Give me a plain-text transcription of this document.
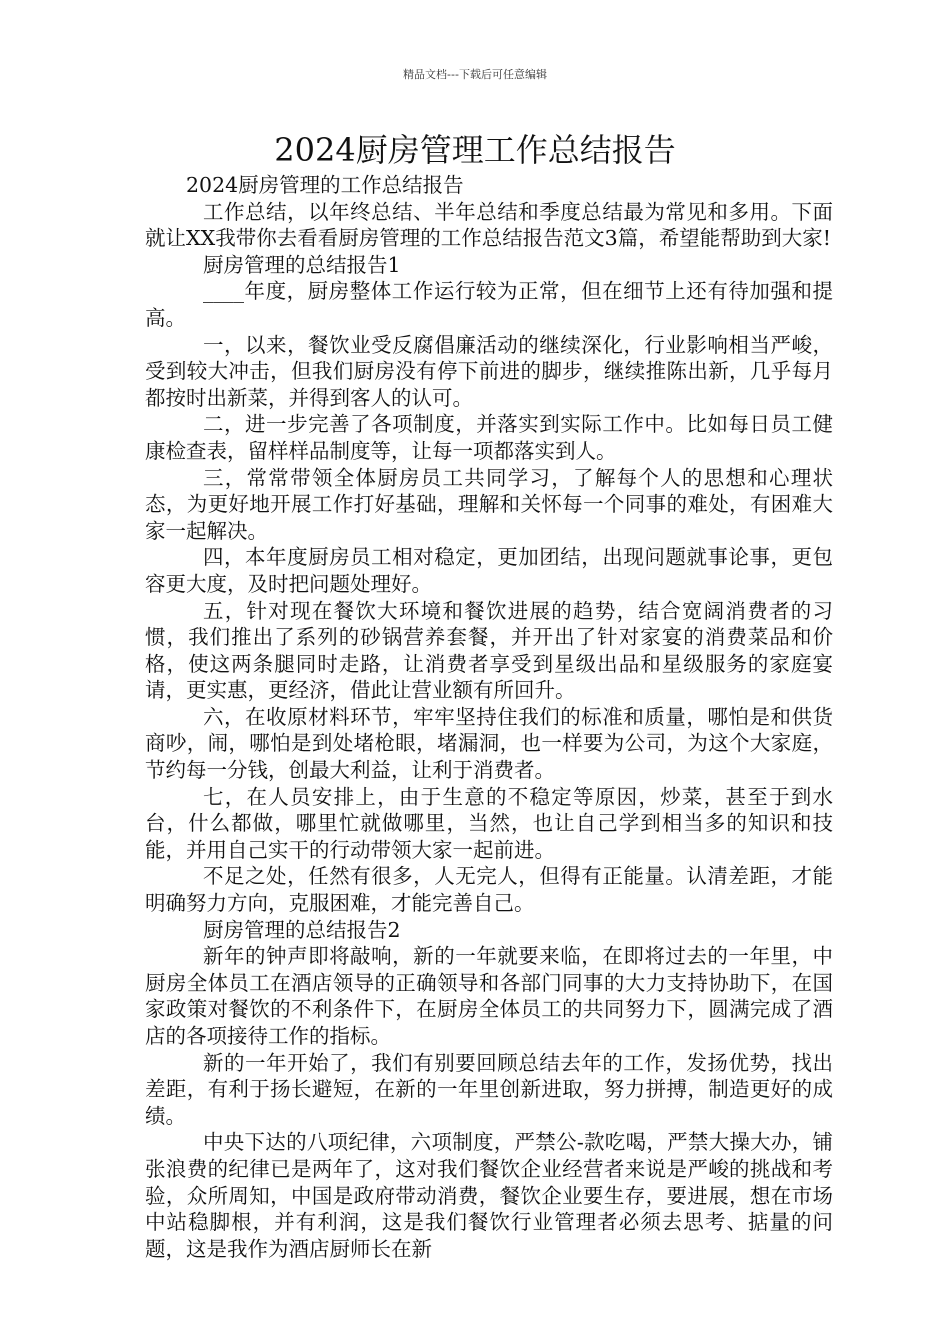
精品文档---下载后可任意编辑
2024厨房管理工作总结报告

2024厨房管理的工作总结报告

工作总结，以年终总结、半年总结和季度总结最为常见和多用。下面就让XX我带你去看看厨房管理的工作总结报告范文3篇，希望能帮助到大家!

厨房管理的总结报告1

____年度，厨房整体工作运行较为正常，但在细节上还有待加强和提高。

一，以来，餐饮业受反腐倡廉活动的继续深化，行业影响相当严峻，受到较大冲击，但我们厨房没有停下前进的脚步，继续推陈出新，几乎每月都按时出新菜，并得到客人的认可。

二，进一步完善了各项制度，并落实到实际工作中。比如每日员工健康检查表，留样样品制度等，让每一项都落实到人。

三，常常带领全体厨房员工共同学习，了解每个人的思想和心理状态，为更好地开展工作打好基础，理解和关怀每一个同事的难处，有困难大家一起解决。

四，本年度厨房员工相对稳定，更加团结，出现问题就事论事，更包容更大度，及时把问题处理好。

五，针对现在餐饮大环境和餐饮进展的趋势，结合宽阔消费者的习惯，我们推出了系列的砂锅营养套餐，并开出了针对家宴的消费菜品和价格，使这两条腿同时走路，让消费者享受到星级出品和星级服务的家庭宴请，更实惠，更经济，借此让营业额有所回升。

六，在收原材料环节，牢牢坚持住我们的标准和质量，哪怕是和供货商吵，闹，哪怕是到处堵枪眼，堵漏洞，也一样要为公司，为这个大家庭，节约每一分钱，创最大利益，让利于消费者。

七，在人员安排上，由于生意的不稳定等原因，炒菜，甚至于到水台，什么都做，哪里忙就做哪里，当然，也让自己学到相当多的知识和技能，并用自己实干的行动带领大家一起前进。

不足之处，任然有很多，人无完人，但得有正能量。认清差距，才能明确努力方向，克服困难，才能完善自己。

厨房管理的总结报告2

新年的钟声即将敲响，新的一年就要来临，在即将过去的一年里，中厨房全体员工在酒店领导的正确领导和各部门同事的大力支持协助下，在国家政策对餐饮的不利条件下，在厨房全体员工的共同努力下，圆满完成了酒店的各项接待工作的指标。

新的一年开始了，我们有别要回顾总结去年的工作，发扬优势，找出差距，有利于扬长避短，在新的一年里创新进取，努力拼搏，制造更好的成绩。

中央下达的八项纪律，六项制度，严禁公-款吃喝，严禁大操大办，铺张浪费的纪律已是两年了，这对我们餐饮企业经营者来说是严峻的挑战和考验，众所周知，中国是政府带动消费，餐饮企业要生存，要进展，想在市场中站稳脚根，并有利润，这是我们餐饮行业管理者必须去思考、掂量的问题，这是我作为酒店厨师长在新
